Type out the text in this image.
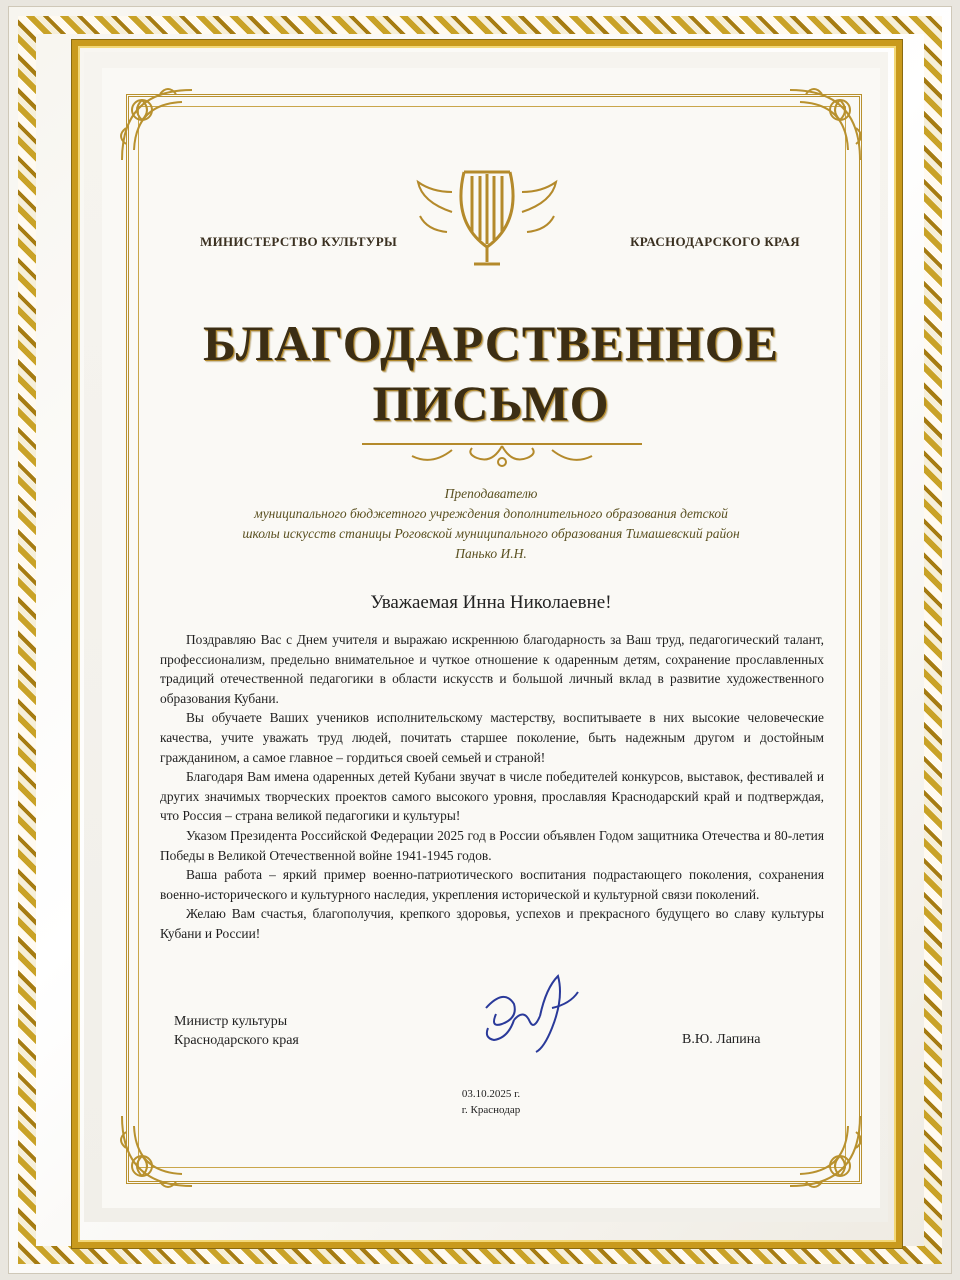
МИНИСТЕРСТВО КУЛЬТУРЫ	КРАСНОДАРСКОГО КРАЯ
БЛАГОДАРСТВЕННОЕ
ПИСЬМО
Преподавателю
муниципального бюджетного учреждения дополнительного образования детской
школы искусств станицы Роговской муниципального образования Тимашевский район
Панько И.Н.
Уважаемая Инна Николаевне!

Поздравляю Вас с Днем учителя и выражаю искреннюю благодарность за Ваш труд, педагогический талант, профессионализм, предельно внимательное и чуткое отношение к одаренным детям, сохранение прославленных традиций отечественной педагогики в области искусств и большой личный вклад в развитие художественного образования Кубани.

Вы обучаете Ваших учеников исполнительскому мастерству, воспитываете в них высокие человеческие качества, учите уважать труд людей, почитать старшее поколение, быть надежным другом и достойным гражданином, а самое главное – гордиться своей семьей и страной!

Благодаря Вам имена одаренных детей Кубани звучат в числе победителей конкурсов, выставок, фестивалей и других значимых творческих проектов самого высокого уровня, прославляя Краснодарский край и подтверждая, что Россия – страна великой педагогики и культуры!

Указом Президента Российской Федерации 2025 год в России объявлен Годом защитника Отечества и 80-летия Победы в Великой Отечественной войне 1941-1945 годов.

Ваша работа – яркий пример военно-патриотического воспитания подрастающего поколения, сохранения военно-исторического и культурного наследия, укрепления исторической и культурной связи поколений.

Желаю Вам счастья, благополучия, крепкого здоровья, успехов и прекрасного будущего во славу культуры Кубани и России!

Министр культуры
Краснодарского края	В.Ю. Лапина
03.10.2025 г.
г. Краснодар
